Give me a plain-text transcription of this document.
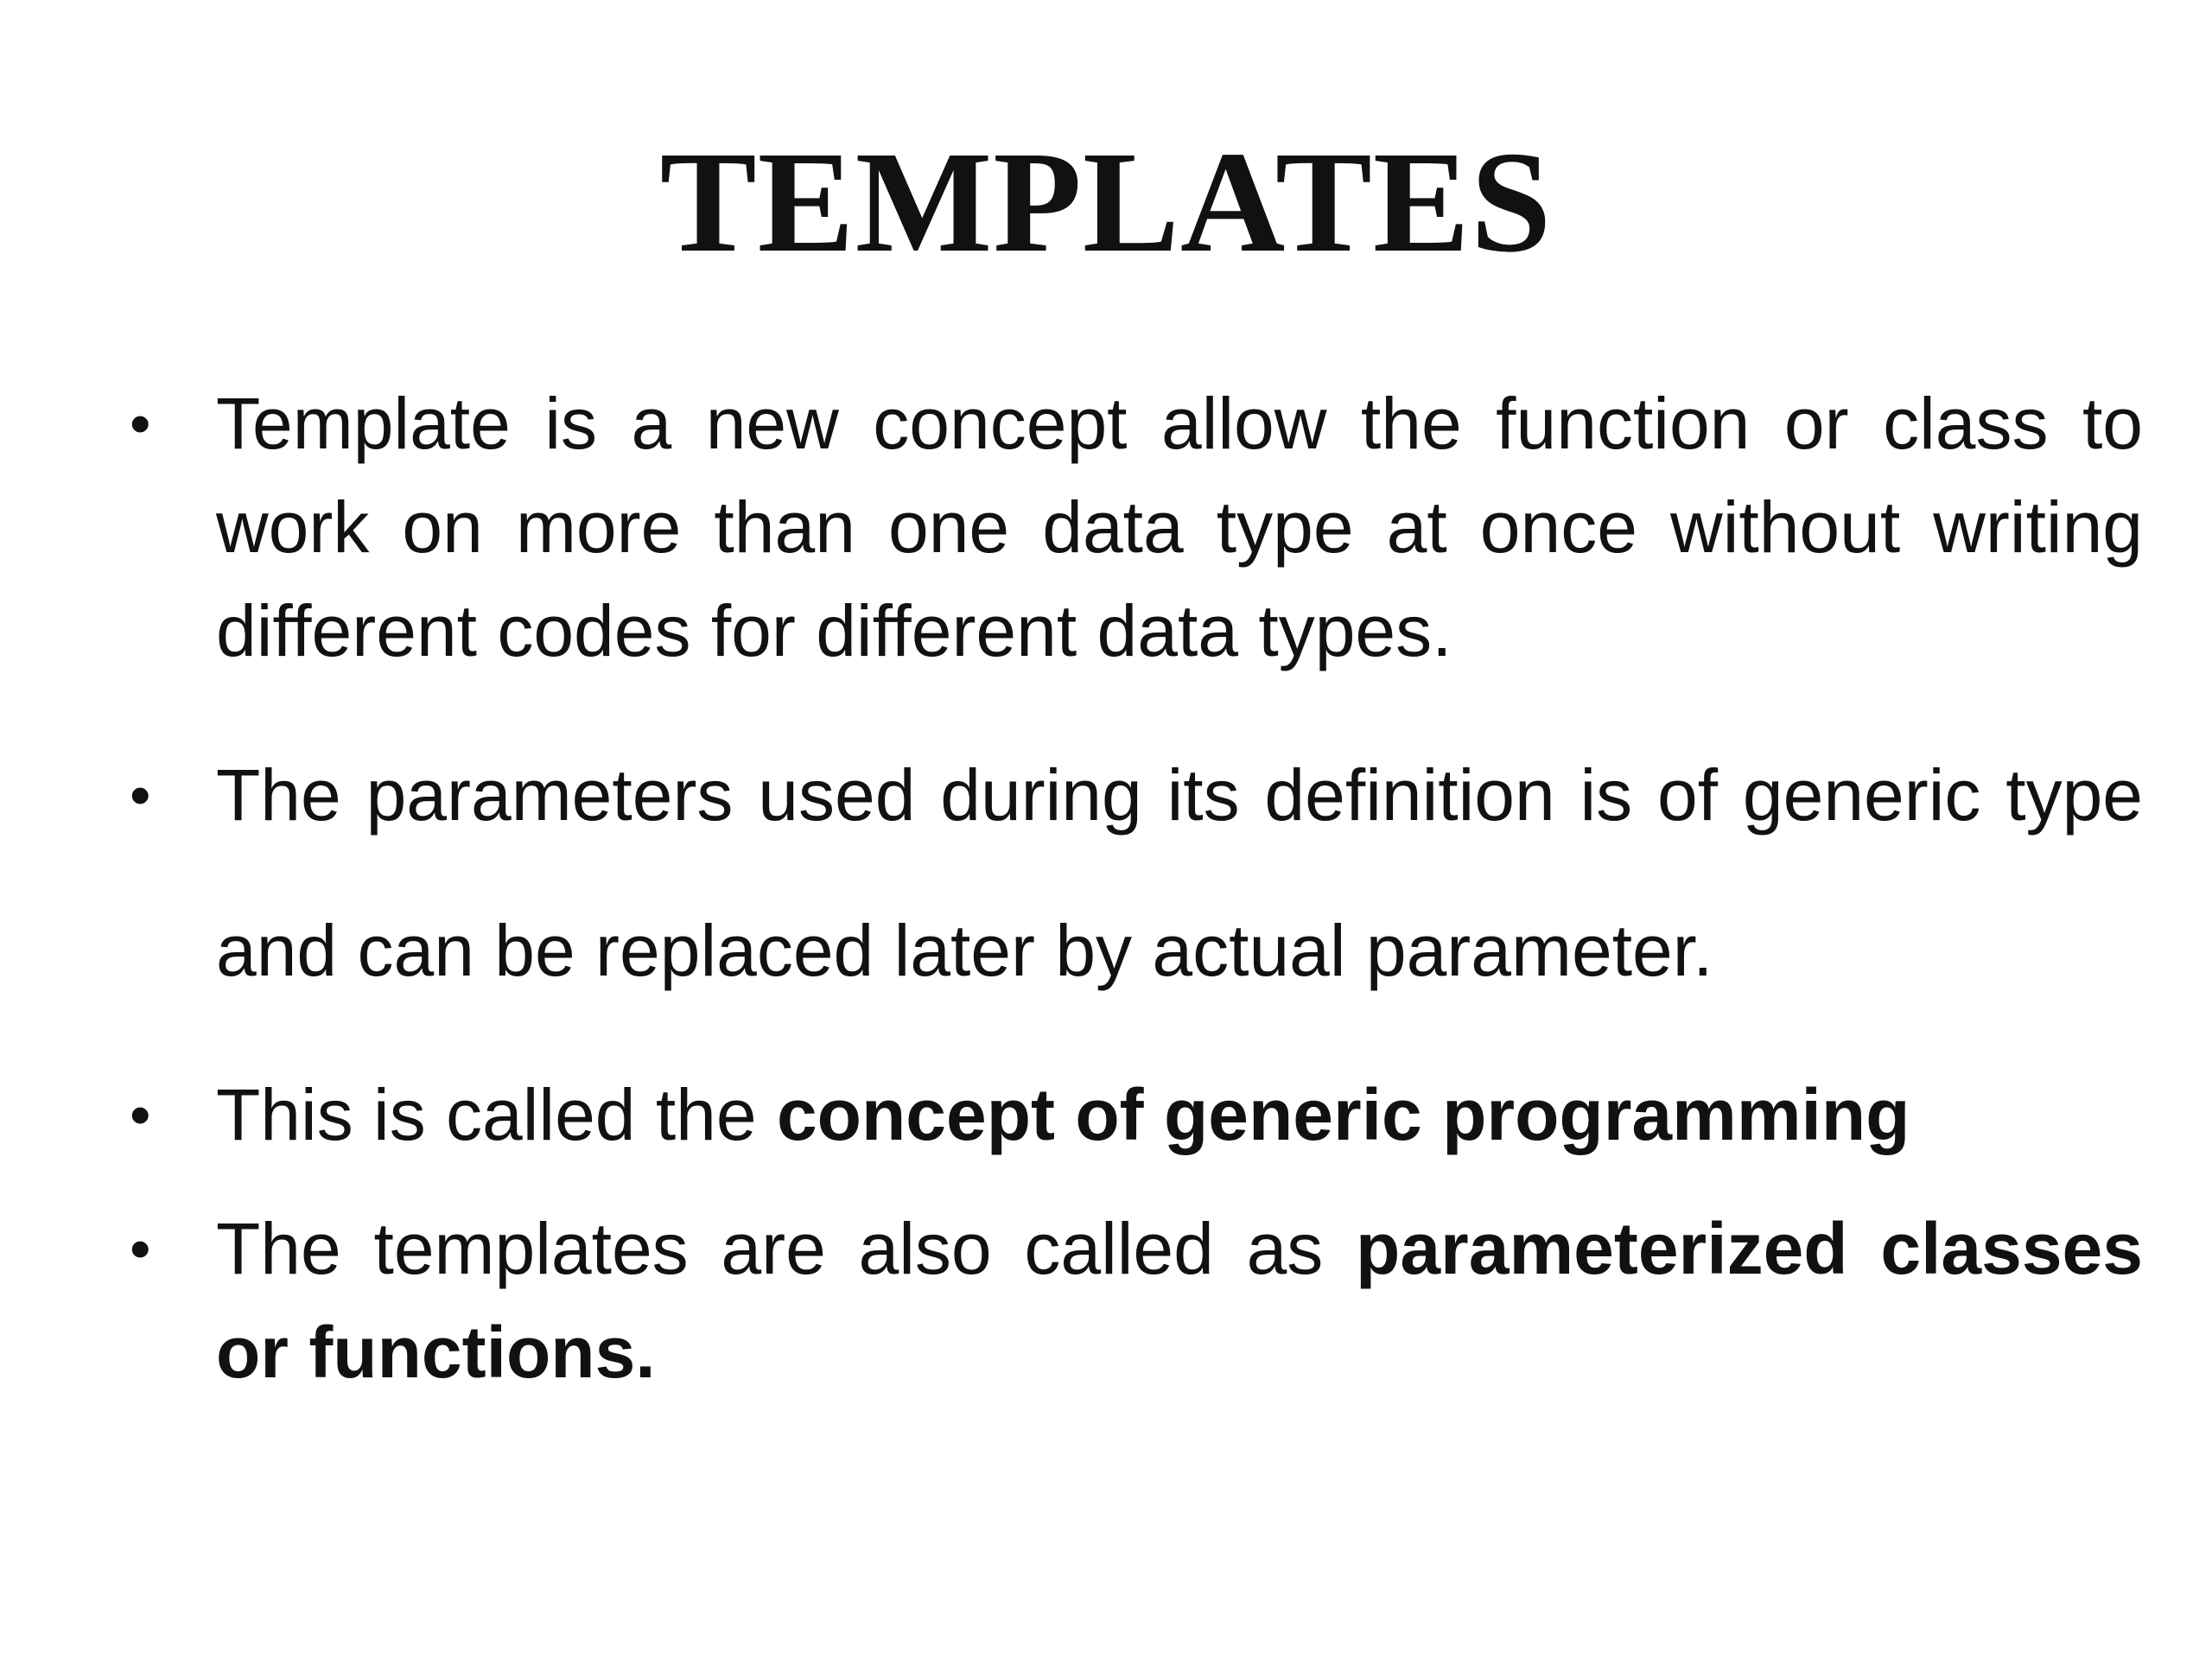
TEMPLATES
• Template is a new concept allow the function or class to work on more than one data type at once without writing different codes for different data types.
• The parameters used during its definition is of generic type and can be replaced later by actual parameter.
• This is called the concept of generic programming
• The templates are also called as parameterized classes or functions.
